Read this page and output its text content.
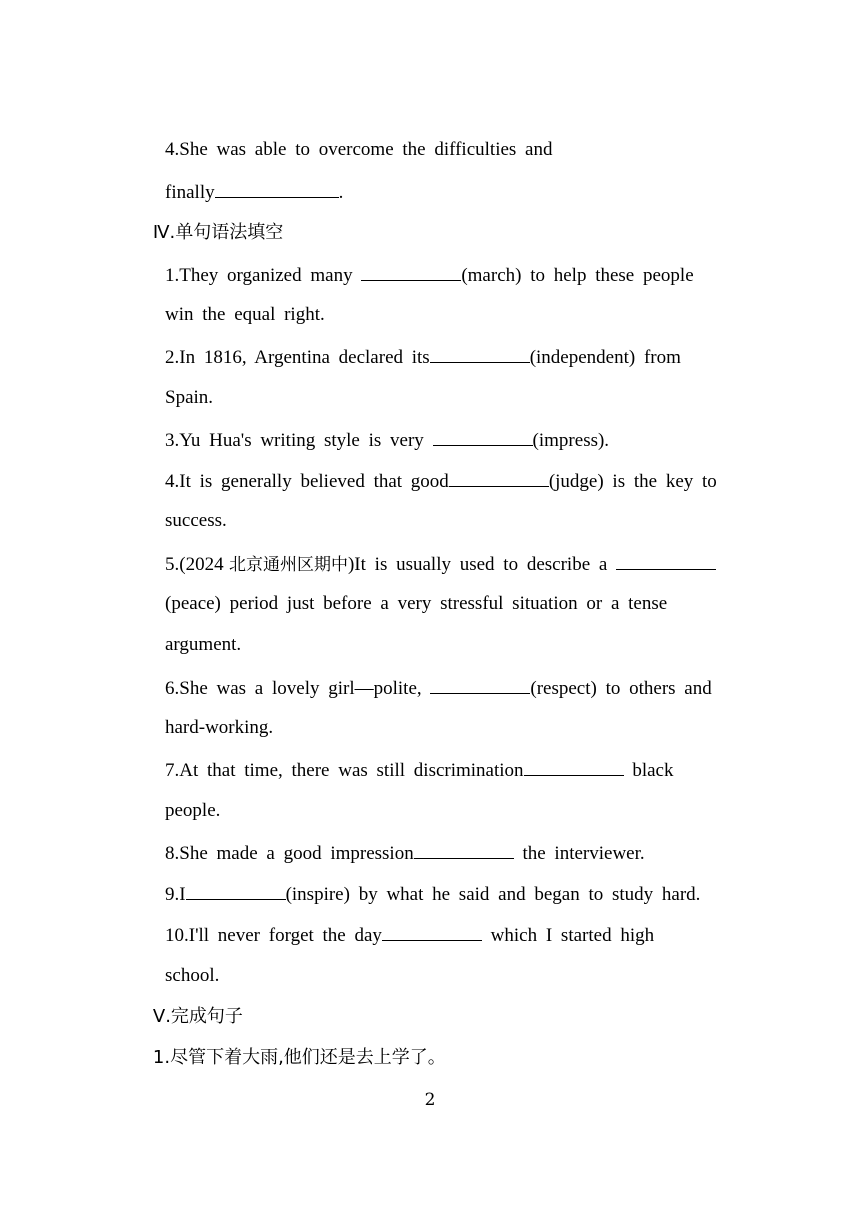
4.She was able to overcome the difficulties and

finally	.

Ⅳ.单句语法填空

1.They organized many	(march) to help these people

win the equal right.

2.In 1816, Argentina declared its	(independent) from

Spain.

3.Yu Hua's writing style is very	(impress).

4.It is generally believed that good	(judge) is the key to

success.

5.(2024 北京通州区期中)It is usually used to describe a

(peace) period just before a very stressful situation or a tense

argument.

6.She was a lovely girl—polite,	(respect) to others and

hard-working.

7.At that time, there was still discrimination	black

people.

8.She made a good impression	the interviewer.

9.I	(inspire) by what he said and began to study hard.

10.I'll never forget the day	which I started high

school.

Ⅴ.完成句子

1.尽管下着大雨,他们还是去上学了。

2
